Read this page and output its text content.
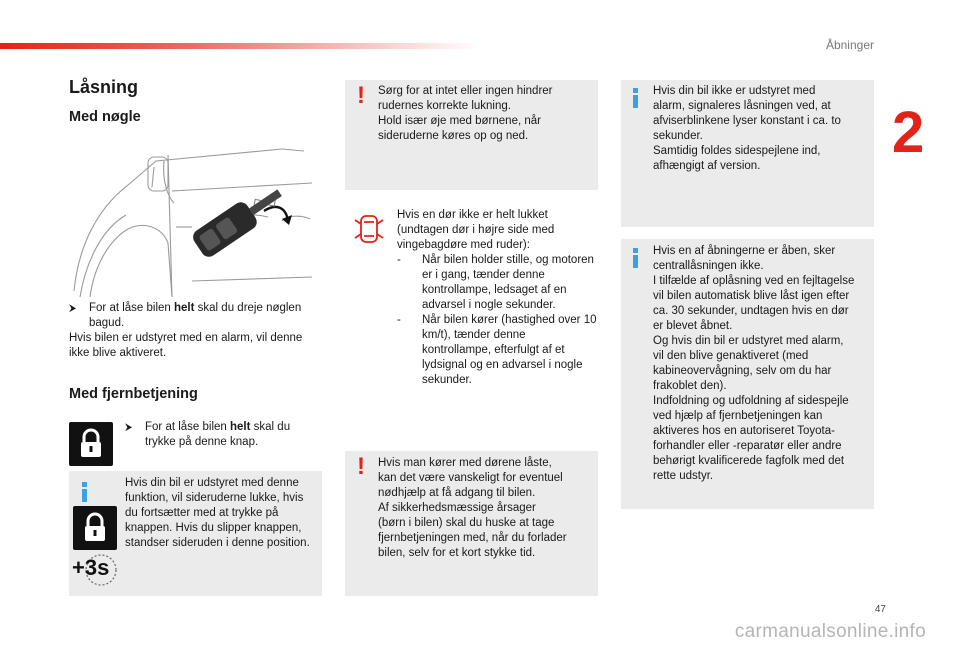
Åbninger
2
Låsning
Med nøgle
⮞	For at låse bilen helt skal du dreje nøglen bagud.

Hvis bilen er udstyret med en alarm, vil denne ikke blive aktiveret.

Med fjernbetjening
⮞	For at låse bilen helt skal du trykke på denne knap.

+3s
Hvis din bil er udstyret med denne funktion, vil sideruderne lukke, hvis du fortsætter med at trykke på knappen. Hvis du slipper knappen, standser sideruden i denne position.
! Sørg for at intet eller ingen hindrer
rudernes korrekte lukning.
Hold især øje med børnene, når
sideruderne køres op og ned.

Hvis en dør ikke er helt lukket (undtagen dør i højre side med vingebagdøre med ruder):

-	Når bilen holder stille, og motoren er i gang, tænder denne kontrollampe, ledsaget af en advarsel i nogle sekunder.

-	Når bilen kører (hastighed over 10 km/t), tænder denne kontrollampe, efterfulgt af et lydsignal og en advarsel i nogle sekunder.

! Hvis man kører med dørene låste,
kan det være vanskeligt for eventuel
nødhjælp at få adgang til bilen.
Af sikkerhedsmæssige årsager
(børn i bilen) skal du huske at tage
fjernbetjeningen med, når du forlader
bilen, selv for et kort stykke tid.
Hvis din bil ikke er udstyret med
alarm, signaleres låsningen ved, at
afviserblinkene lyser konstant i ca. to
sekunder.
Samtidig foldes sidespejlene ind,
afhængigt af version.
Hvis en af åbningerne er åben, sker
centrallåsningen ikke.
I tilfælde af oplåsning ved en fejltagelse
vil bilen automatisk blive låst igen efter
ca. 30 sekunder, undtagen hvis en dør
er blevet åbnet.
Og hvis din bil er udstyret med alarm,
vil den blive genaktiveret (med
kabineovervågning, selv om du har
frakoblet den).
Indfoldning og udfoldning af sidespejle
ved hjælp af fjernbetjeningen kan
aktiveres hos en autoriseret Toyota-
forhandler eller -reparatør eller andre
behørigt kvalificerede fagfolk med det
rette udstyr.
47
carmanualsonline.info
